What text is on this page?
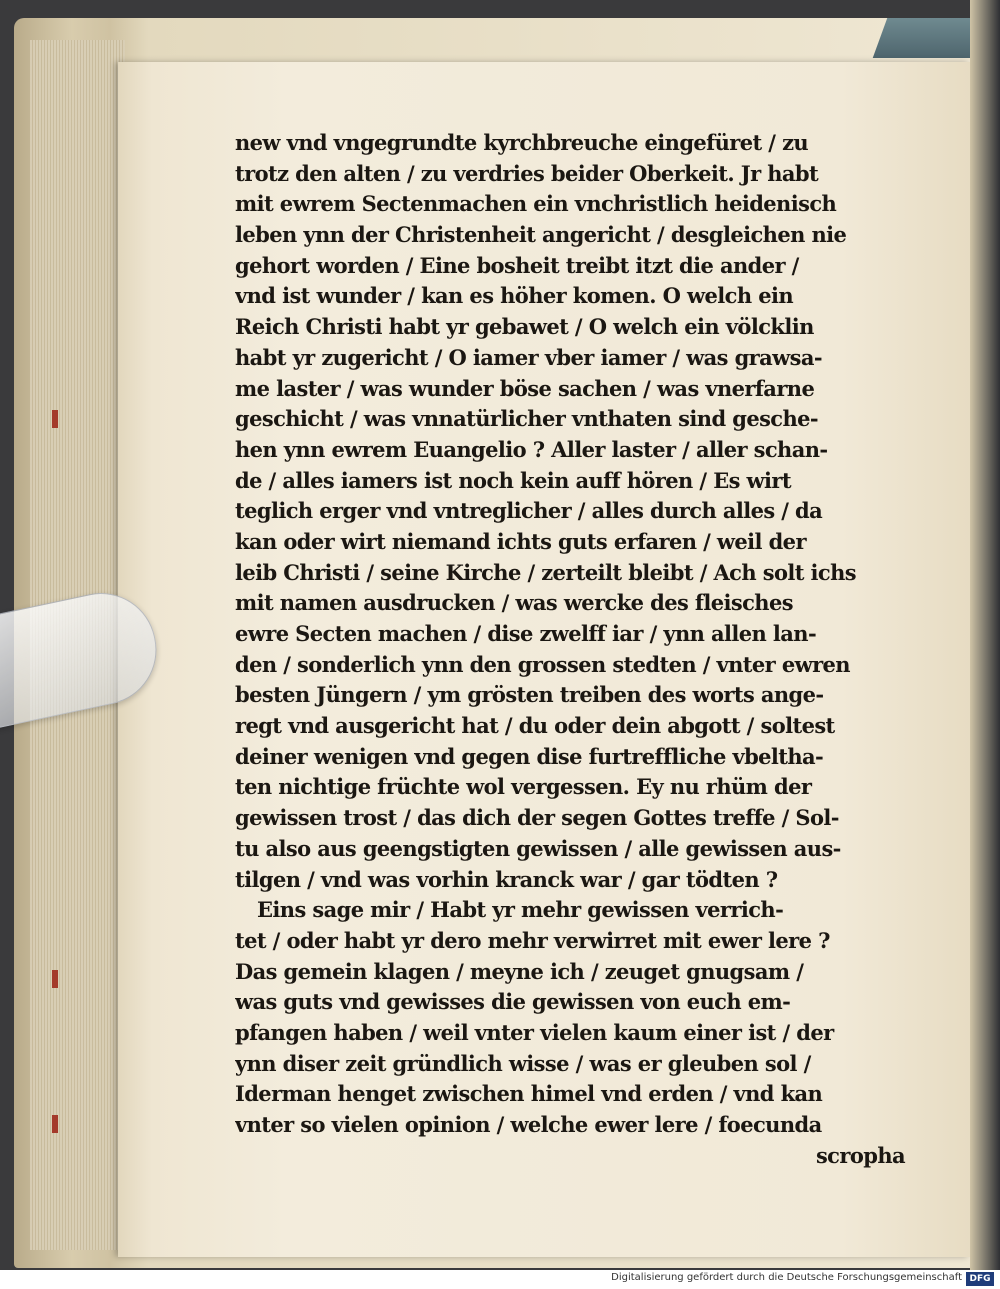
new vnd vngegrundte kyrchbreuche eingefüret / zu
trotz den alten / zu verdries beider Oberkeit. Jr habt
mit ewrem Sectenmachen ein vnchristlich heidenisch
leben ynn der Christenheit angericht / desgleichen nie
gehort worden / Eine bosheit treibt itzt die ander /
vnd ist wunder / kan es höher komen. O welch ein
Reich Christi habt yr gebawet / O welch ein völcklin
habt yr zugericht / O iamer vber iamer / was grawsa-
me laster / was wunder böse sachen / was vnerfarne
geschicht / was vnnatürlicher vnthaten sind gesche-
hen ynn ewrem Euangelio ? Aller laster / aller schan-
de / alles iamers ist noch kein auff hören / Es wirt
teglich erger vnd vntreglicher / alles durch alles / da
kan oder wirt niemand ichts guts erfaren / weil der
leib Christi / seine Kirche / zerteilt bleibt / Ach solt ichs
mit namen ausdrucken / was wercke des fleisches
ewre Secten machen / dise zwelff iar / ynn allen lan-
den / sonderlich ynn den grossen stedten / vnter ewren
besten Jüngern / ym grösten treiben des worts ange-
regt vnd ausgericht hat / du oder dein abgott / soltest
deiner wenigen vnd gegen dise furtreffliche vbeltha-
ten nichtige früchte wol vergessen. Ey nu rhüm der
gewissen trost / das dich der segen Gottes treffe / Sol-
tu also aus geengstigten gewissen / alle gewissen aus-
tilgen / vnd was vorhin kranck war / gar tödten ?
Eins sage mir / Habt yr mehr gewissen verrich-
tet / oder habt yr dero mehr verwirret mit ewer lere ?
Das gemein klagen / meyne ich / zeuget gnugsam /
was guts vnd gewisses die gewissen von euch em-
pfangen haben / weil vnter vielen kaum einer ist / der
ynn diser zeit gründlich wisse / was er gleuben sol /
Iderman henget zwischen himel vnd erden / vnd kan
vnter so vielen opinion / welche ewer lere / foecunda
scropha
Digitalisierung gefördert durch die Deutsche Forschungsgemeinschaft DFG
